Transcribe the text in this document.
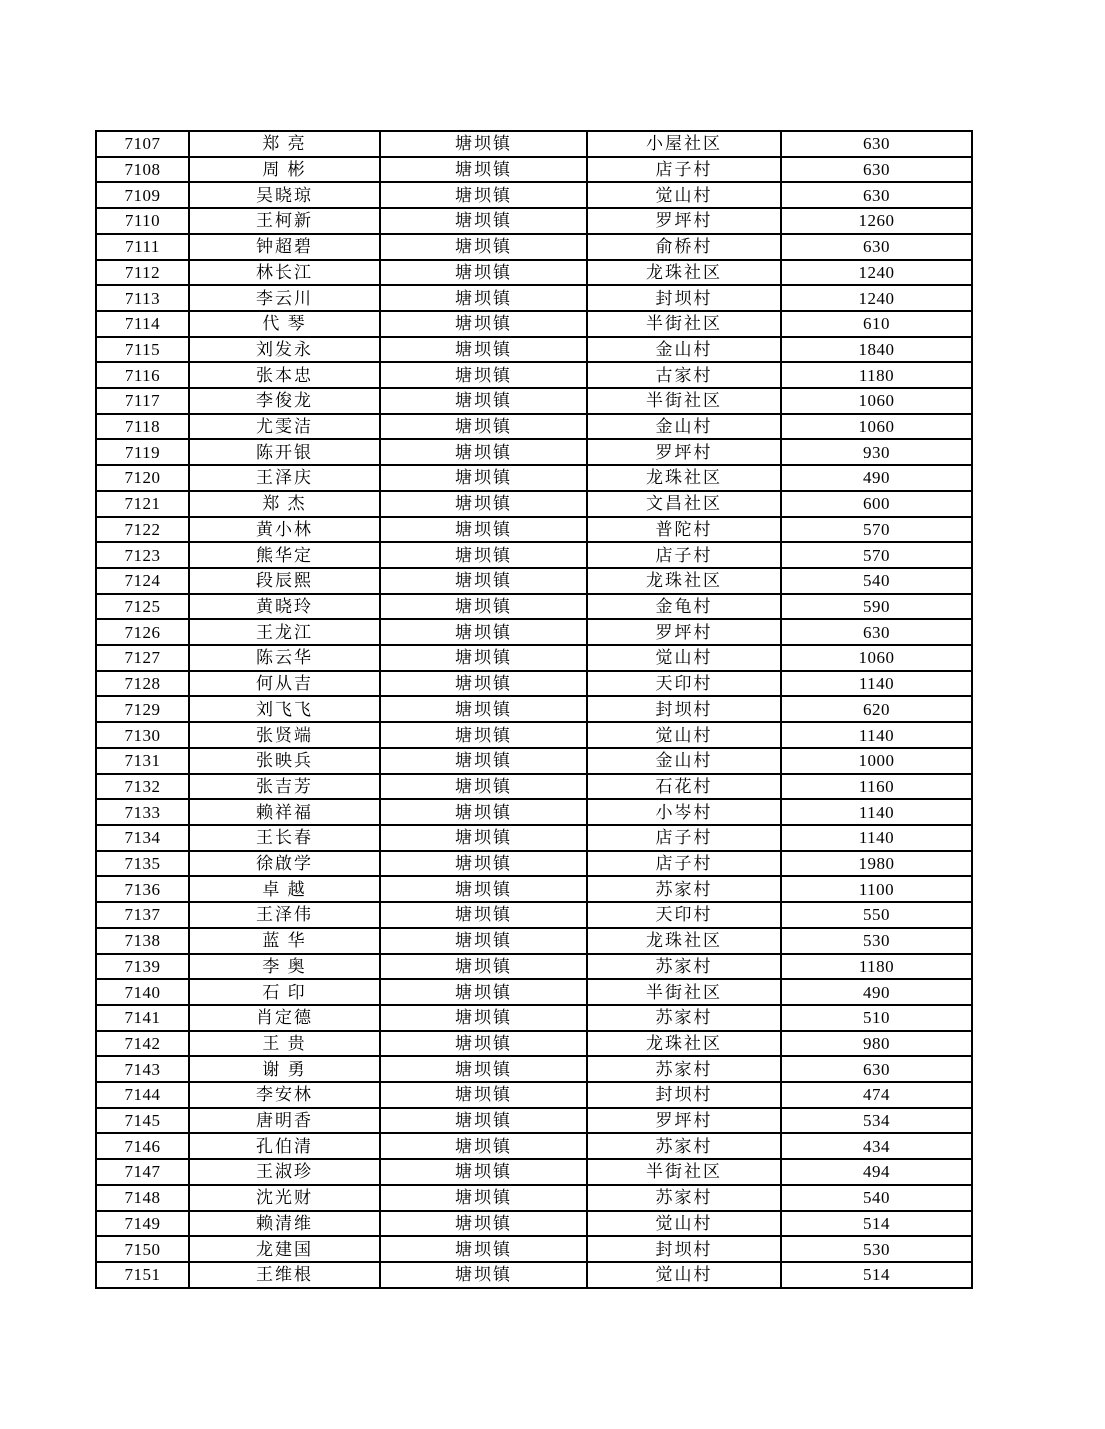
7107	郑 亮	塘坝镇	小屋社区	630
7108	周 彬	塘坝镇	店子村	630
7109	吴晓琼	塘坝镇	觉山村	630
7110	王柯新	塘坝镇	罗坪村	1260
7111	钟超碧	塘坝镇	俞桥村	630
7112	林长江	塘坝镇	龙珠社区	1240
7113	李云川	塘坝镇	封坝村	1240
7114	代 琴	塘坝镇	半街社区	610
7115	刘发永	塘坝镇	金山村	1840
7116	张本忠	塘坝镇	古家村	1180
7117	李俊龙	塘坝镇	半街社区	1060
7118	尤雯洁	塘坝镇	金山村	1060
7119	陈开银	塘坝镇	罗坪村	930
7120	王泽庆	塘坝镇	龙珠社区	490
7121	郑 杰	塘坝镇	文昌社区	600
7122	黄小林	塘坝镇	普陀村	570
7123	熊华定	塘坝镇	店子村	570
7124	段辰熙	塘坝镇	龙珠社区	540
7125	黄晓玲	塘坝镇	金龟村	590
7126	王龙江	塘坝镇	罗坪村	630
7127	陈云华	塘坝镇	觉山村	1060
7128	何从吉	塘坝镇	天印村	1140
7129	刘飞飞	塘坝镇	封坝村	620
7130	张贤端	塘坝镇	觉山村	1140
7131	张映兵	塘坝镇	金山村	1000
7132	张吉芳	塘坝镇	石花村	1160
7133	赖祥福	塘坝镇	小岑村	1140
7134	王长春	塘坝镇	店子村	1140
7135	徐啟学	塘坝镇	店子村	1980
7136	卓 越	塘坝镇	苏家村	1100
7137	王泽伟	塘坝镇	天印村	550
7138	蓝 华	塘坝镇	龙珠社区	530
7139	李 奥	塘坝镇	苏家村	1180
7140	石 印	塘坝镇	半街社区	490
7141	肖定德	塘坝镇	苏家村	510
7142	王 贵	塘坝镇	龙珠社区	980
7143	谢 勇	塘坝镇	苏家村	630
7144	李安林	塘坝镇	封坝村	474
7145	唐明香	塘坝镇	罗坪村	534
7146	孔伯清	塘坝镇	苏家村	434
7147	王淑珍	塘坝镇	半街社区	494
7148	沈光财	塘坝镇	苏家村	540
7149	赖清维	塘坝镇	觉山村	514
7150	龙建国	塘坝镇	封坝村	530
7151	王维根	塘坝镇	觉山村	514
